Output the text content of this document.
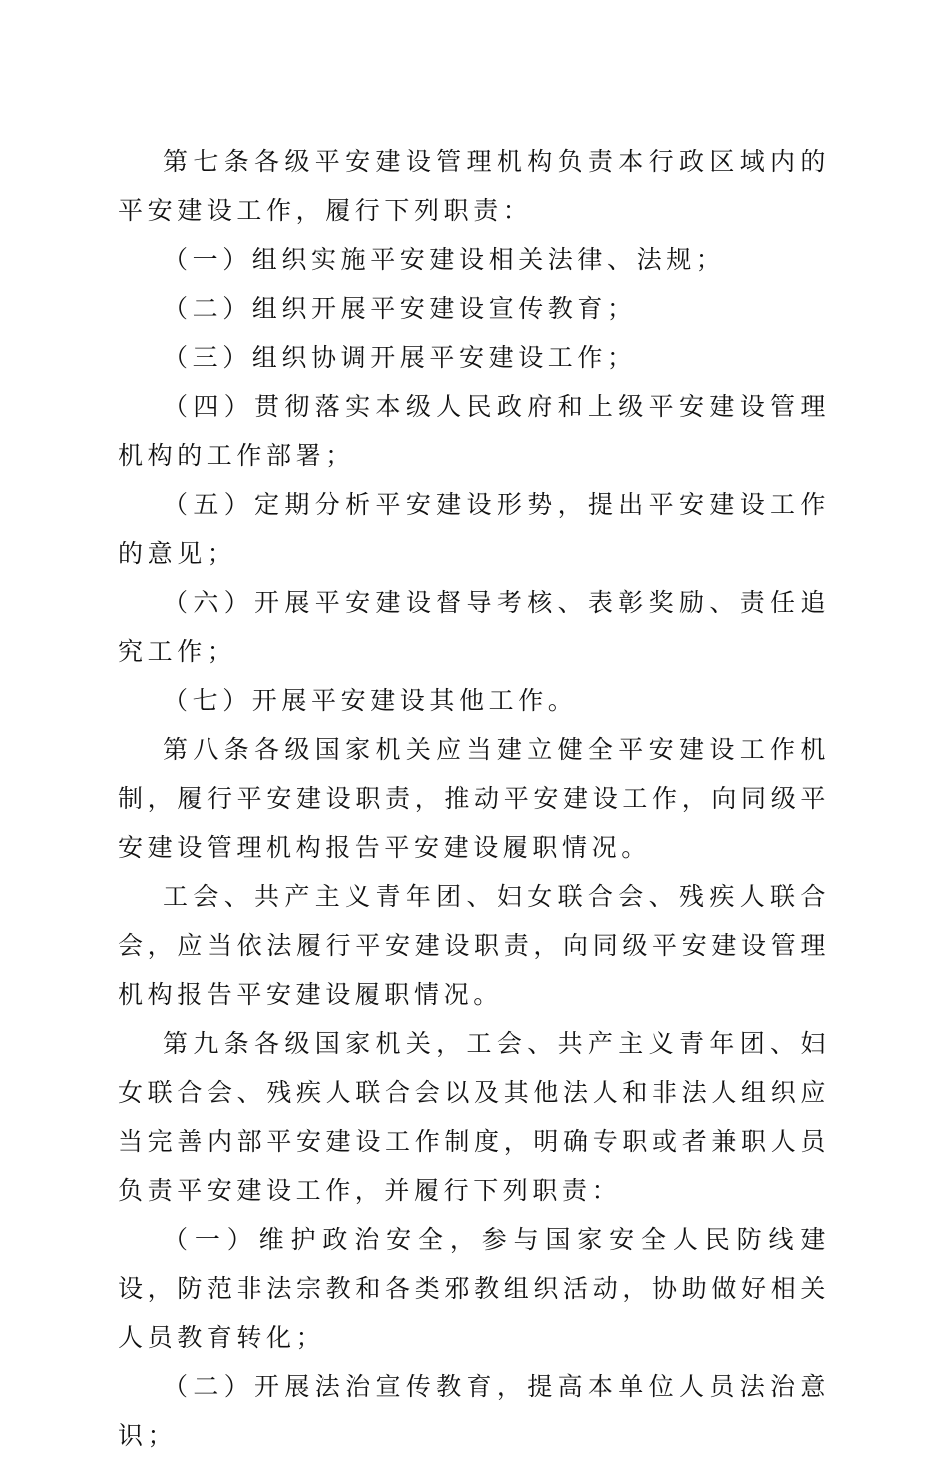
第七条各级平安建设管理机构负责本行政区域内的平安建设工作，履行下列职责：

（一）组织实施平安建设相关法律、法规；

（二）组织开展平安建设宣传教育；

（三）组织协调开展平安建设工作；

（四）贯彻落实本级人民政府和上级平安建设管理机构的工作部署；

（五）定期分析平安建设形势，提出平安建设工作的意见；

（六）开展平安建设督导考核、表彰奖励、责任追究工作；

（七）开展平安建设其他工作。

第八条各级国家机关应当建立健全平安建设工作机制，履行平安建设职责，推动平安建设工作，向同级平安建设管理机构报告平安建设履职情况。

工会、共产主义青年团、妇女联合会、残疾人联合会，应当依法履行平安建设职责，向同级平安建设管理机构报告平安建设履职情况。

第九条各级国家机关，工会、共产主义青年团、妇女联合会、残疾人联合会以及其他法人和非法人组织应当完善内部平安建设工作制度，明确专职或者兼职人员负责平安建设工作，并履行下列职责：

（一）维护政治安全，参与国家安全人民防线建设，防范非法宗教和各类邪教组织活动，协助做好相关人员教育转化；

（二）开展法治宣传教育，提高本单位人员法治意识；
